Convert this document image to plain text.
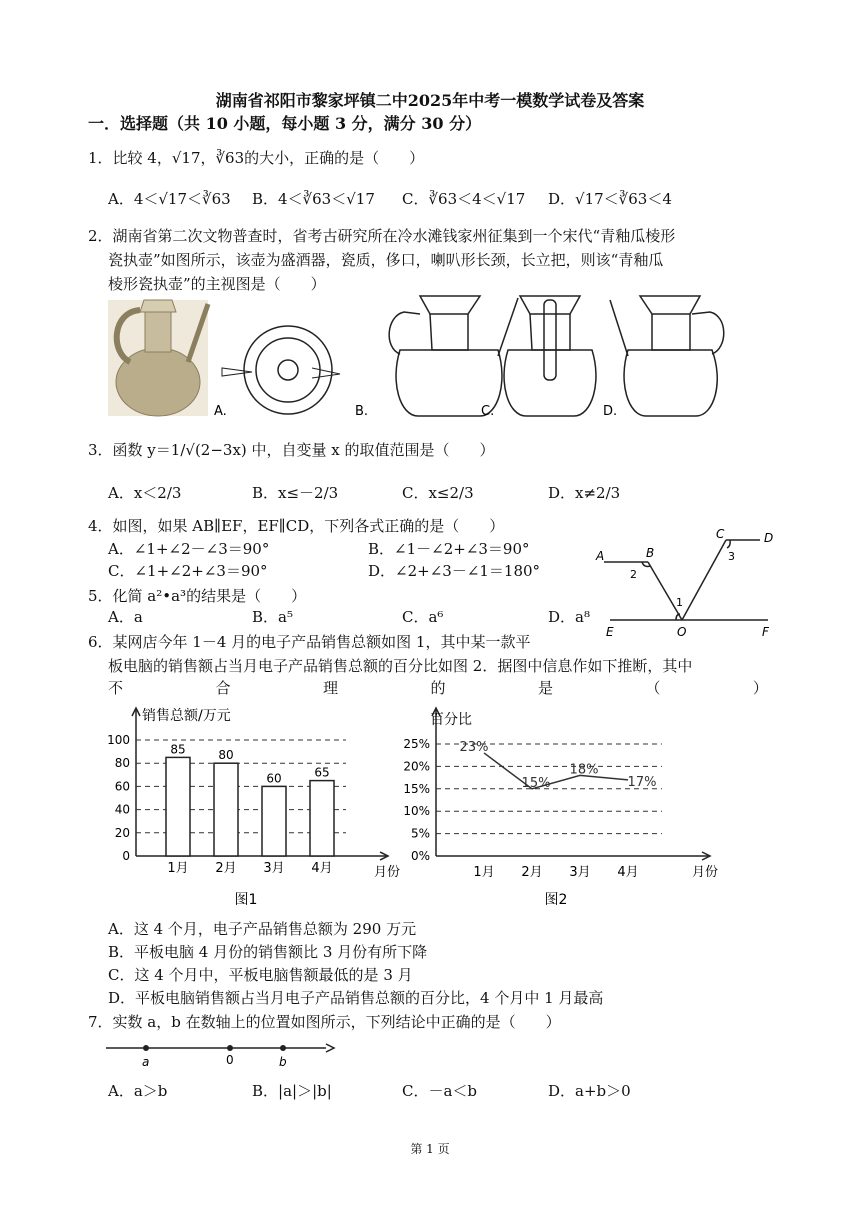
湖南省祁阳市黎家坪镇二中2025年中考一模数学试卷及答案
一．选择题（共 10 小题，每小题 3 分，满分 30 分）
1．比较 4，√17，∛63的大小，正确的是（　　）
A．4＜√17＜∛63 B．4＜∛63＜√17 C．∛63＜4＜√17 D．√17＜∛63＜4
2．湖南省第二次文物普查时，省考古研究所在冷水滩钱家州征集到一个宋代“青釉瓜棱形
瓷执壶”如图所示，该壶为盛酒器，瓷质，侈口，喇叭形长颈，长立把，则该“青釉瓜
棱形瓷执壶”的主视图是（　　）
A.	B.	C.	D.
3．函数 y＝1/√(2−3x) 中，自变量 x 的取值范围是（　　）
A．x＜2/3	B．x≤－2/3	C．x≤2/3	D．x≠2/3
4．如图，如果 AB∥EF，EF∥CD，下列各式正确的是（　　）
A．∠1+∠2－∠3＝90°	B．∠1－∠2+∠3＝90°
C．∠1+∠2+∠3＝90°	D．∠2+∠3－∠1＝180°
A	B
C	D
E	O	F
2
1
3
5．化简 a²•a³的结果是（　　）
A．a	B．a⁵	C．a⁶	D．a⁸
6．某网店今年 1－4 月的电子产品销售总额如图 1，其中某一款平
板电脑的销售额占当月电子产品销售总额的百分比如图 2．据图中信息作如下推断，其中
不	合	理	的	是	（	）
0
20
40
60
80
100
销售总额/万元
月份
85
1月
80
2月
60
3月
65
4月
图1
0%
5%
10%
15%
20%
25%
百分比
月份
1月
23%
2月
15%
3月
18%
4月
17%
图2
A．这 4 个月，电子产品销售总额为 290 万元
B．平板电脑 4 月份的销售额比 3 月份有所下降
C．这 4 个月中，平板电脑售额最低的是 3 月
D．平板电脑销售额占当月电子产品销售总额的百分比，4 个月中 1 月最高
7．实数 a，b 在数轴上的位置如图所示，下列结论中正确的是（　　）
a	0	b
A．a＞b	B．|a|＞|b|	C．－a＜b	D．a+b＞0
第 1 页
